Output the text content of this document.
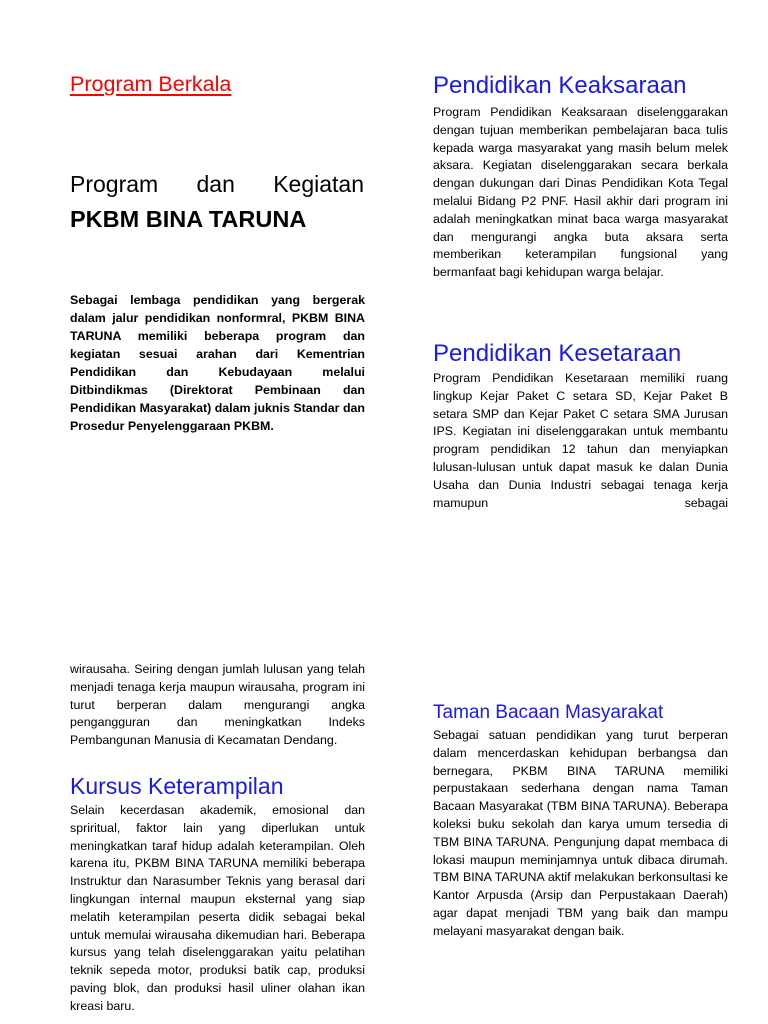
Program Berkala
Program dan Kegiatan
PKBM BINA TARUNA
Sebagai lembaga pendidikan yang bergerak dalam jalur pendidikan nonformral, PKBM BINA TARUNA memiliki beberapa program dan kegiatan sesuai arahan dari Kementrian Pendidikan dan Kebudayaan melalui Ditbindikmas (Direktorat Pembinaan dan Pendidikan Masyarakat) dalam juknis Standar dan Prosedur Penyelenggaraan PKBM.
Pendidikan Keaksaraan
Program Pendidikan Keaksaraan diselenggarakan dengan tujuan memberikan pembelajaran baca tulis kepada warga masyarakat yang masih belum melek aksara. Kegiatan diselenggarakan secara berkala dengan dukungan dari Dinas Pendidikan Kota Tegal melalui Bidang P2 PNF. Hasil akhir dari program ini adalah meningkatkan minat baca warga masyarakat dan mengurangi angka buta aksara serta memberikan keterampilan fungsional yang bermanfaat bagi kehidupan warga belajar.
Pendidikan Kesetaraan
Program Pendidikan Kesetaraan memiliki ruang lingkup Kejar Paket C setara SD, Kejar Paket B setara SMP dan Kejar Paket C setara SMA Jurusan IPS. Kegiatan ini diselenggarakan untuk membantu program pendidikan 12 tahun dan menyiapkan lulusan-lulusan untuk dapat masuk ke dalan Dunia Usaha dan Dunia Industri sebagai tenaga kerja mamupun sebagai
wirausaha. Seiring dengan jumlah lulusan yang telah menjadi tenaga kerja maupun wirausaha, program ini turut berperan dalam mengurangi angka pengangguran dan meningkatkan Indeks Pembangunan Manusia di Kecamatan Dendang.
Kursus Keterampilan
Selain kecerdasan akademik, emosional dan spriritual, faktor lain yang diperlukan untuk meningkatkan taraf hidup adalah keterampilan. Oleh karena itu, PKBM BINA TARUNA memiliki beberapa Instruktur dan Narasumber Teknis yang berasal dari lingkungan internal maupun eksternal yang siap melatih keterampilan peserta didik sebagai bekal untuk memulai wirausaha dikemudian hari. Beberapa kursus yang telah diselenggarakan yaitu pelatihan teknik sepeda motor, produksi batik cap, produksi paving blok, dan produksi hasil uliner olahan ikan kreasi baru.
Taman Bacaan Masyarakat
Sebagai satuan pendidikan yang turut berperan dalam mencerdaskan kehidupan berbangsa dan bernegara, PKBM BINA TARUNA memiliki perpustakaan sederhana dengan nama Taman Bacaan Masyarakat (TBM BINA TARUNA). Beberapa koleksi buku sekolah dan karya umum tersedia di TBM BINA TARUNA. Pengunjung dapat membaca di lokasi maupun meminjamnya untuk dibaca dirumah. TBM BINA TARUNA aktif melakukan berkonsultasi ke Kantor Arpusda (Arsip dan Perpustakaan Daerah) agar dapat menjadi TBM yang baik dan mampu melayani masyarakat dengan baik.
